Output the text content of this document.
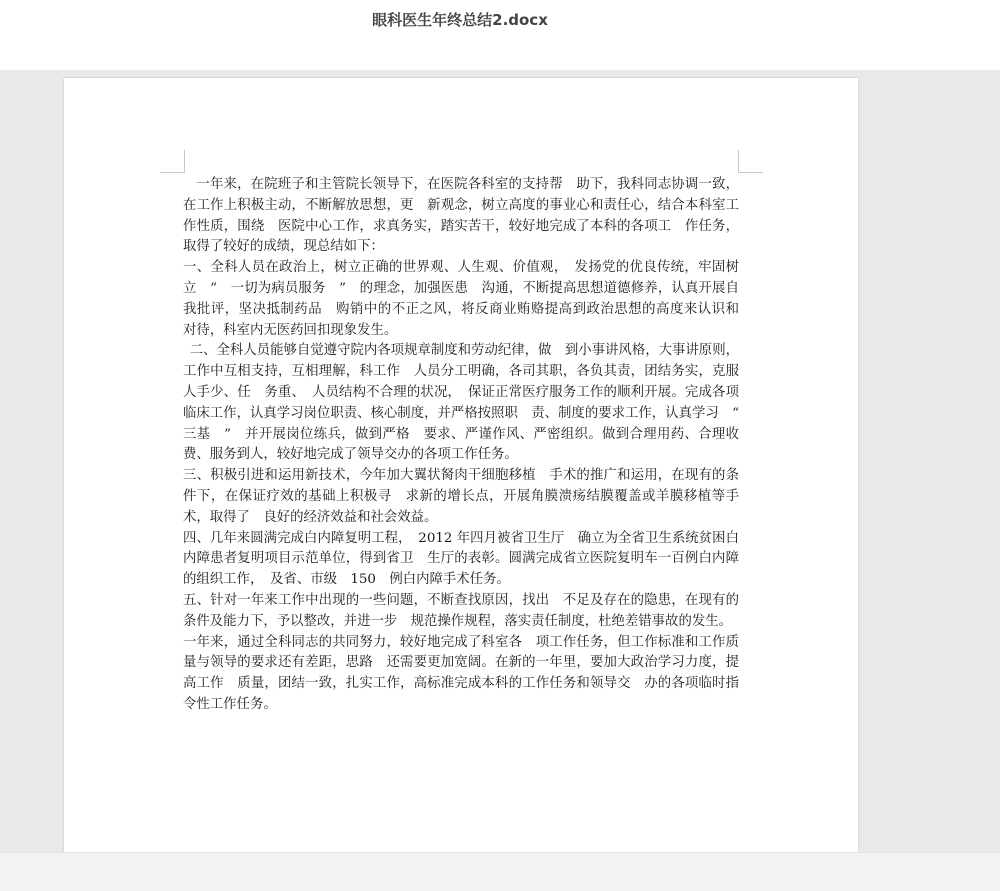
眼科医生年终总结2.docx

一年来，在院班子和主管院长领导下，在医院各科室的支持帮　助下，我科同志协调一致，在工作上积极主动，不断解放思想，更　新观念，树立高度的事业心和责任心，结合本科室工作性质，围绕　医院中心工作，求真务实，踏实苦干，较好地完成了本科的各项工　作任务，取得了较好的成绩，现总结如下：

一、全科人员在政治上，树立正确的世界观、人生观、价值观，　发扬党的优良传统，牢固树立　“　一切为病员服务　”　的理念，加强医患　沟通，不断提高思想道德修养，认真开展自我批评，坚决抵制药品　购销中的不正之风，将反商业贿赂提高到政治思想的高度来认识和　对待，科室内无医药回扣现象发生。

二、全科人员能够自觉遵守院内各项规章制度和劳动纪律，做　到小事讲风格，大事讲原则，工作中互相支持，互相理解，科工作　人员分工明确，各司其职，各负其责，团结务实，克服人手少、任　务重、　人员结构不合理的状况，　保证正常医疗服务工作的顺利开展。完成各项临床工作，认真学习岗位职责、核心制度，并严格按照职　责、制度的要求工作，认真学习　“　三基　”　并开展岗位练兵，做到严格　要求、严谨作风、严密组织。做到合理用药、合理收费、服务到人，较好地完成了领导交办的各项工作任务。

三、积极引进和运用新技术，今年加大翼状胬肉干细胞移植　手术的推广和运用，在现有的条件下，在保证疗效的基础上积极寻　求新的增长点，开展角膜溃疡结膜覆盖或羊膜移植等手术，取得了　良好的经济效益和社会效益。

四、几年来圆满完成白内障复明工程，　2012 年四月被省卫生厅　确立为全省卫生系统贫困白内障患者复明项目示范单位，得到省卫　生厅的表彰。圆满完成省立医院复明车一百例白内障的组织工作，　及省、市级　150　例白内障手术任务。

五、针对一年来工作中出现的一些问题，不断查找原因，找出　不足及存在的隐患，在现有的条件及能力下，予以整改，并进一步　规范操作规程，落实责任制度，杜绝差错事故的发生。

一年来，通过全科同志的共同努力，较好地完成了科室各　项工作任务，但工作标准和工作质量与领导的要求还有差距，思路　还需要更加宽阔。在新的一年里，要加大政治学习力度，提高工作　质量，团结一致，扎实工作，高标准完成本科的工作任务和领导交　办的各项临时指令性工作任务。
